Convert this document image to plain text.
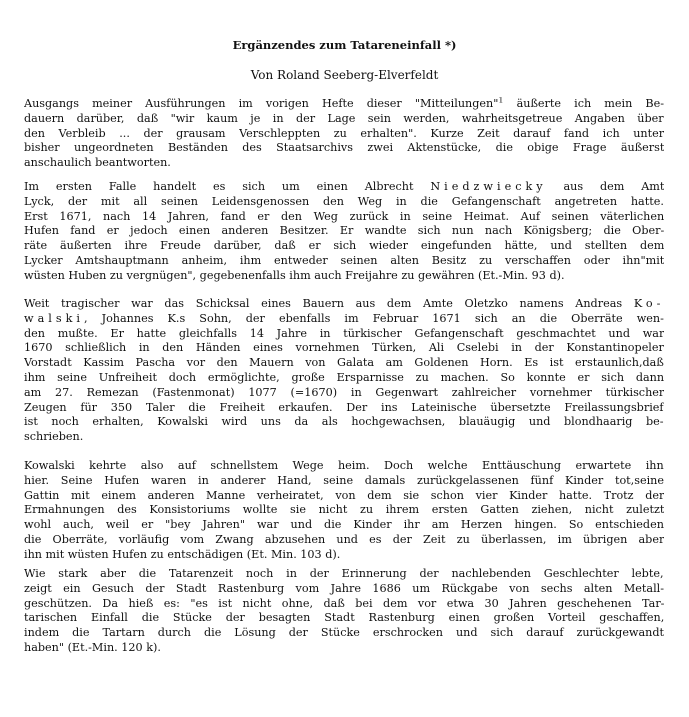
Ergänzendes zum Tatareneinfall *)
Von Roland Seeberg-Elverfeldt
Ausgangs meiner Ausführungen im vorigen Hefte dieser "Mitteilungen"$^1$ äußerte ich mein Be-
dauern darüber, daß "wir kaum je in der Lage sein werden, wahrheitsgetreue Angaben über
den Verbleib ... der grausam Verschleppten zu erhalten". Kurze Zeit darauf fand ich unter
bisher ungeordneten Beständen des Staatsarchivs zwei Aktenstücke, die obige Frage äußerst
anschaulich beantworten.
Im ersten Falle handelt es sich um einen Albrecht Niedzwiecky aus dem Amt
Lyck, der mit all seinen Leidensgenossen den Weg in die Gefangenschaft angetreten hatte.
Erst 1671, nach 14 Jahren, fand er den Weg zurück in seine Heimat. Auf seinen väterlichen
Hufen fand er jedoch einen anderen Besitzer. Er wandte sich nun nach Königsberg; die Ober-
räte äußerten ihre Freude darüber, daß er sich wieder eingefunden hätte, und stellten dem
Lycker Amtshauptmann anheim, ihm entweder seinen alten Besitz zu verschaffen oder ihn"mit
wüsten Huben zu vergnügen", gegebenenfalls ihm auch Freijahre zu gewähren (Et.-Min. 93 d).
Weit tragischer war das Schicksal eines Bauern aus dem Amte Oletzko namens Andreas Ko-
walski, Johannes K.s Sohn, der ebenfalls im Februar 1671 sich an die Oberräte wen-
den mußte. Er hatte gleichfalls 14 Jahre in türkischer Gefangenschaft geschmachtet und war
1670 schließlich in den Händen eines vornehmen Türken, Ali Cselebi in der Konstantinopeler
Vorstadt Kassim Pascha vor den Mauern von Galata am Goldenen Horn. Es ist erstaunlich,daß
ihm seine Unfreiheit doch ermöglichte, große Ersparnisse zu machen. So konnte er sich dann
am 27. Remezan (Fastenmonat) 1077 (=1670) in Gegenwart zahlreicher vornehmer türkischer
Zeugen für 350 Taler die Freiheit erkaufen. Der ins Lateinische übersetzte Freilassungsbrief
ist noch erhalten, Kowalski wird uns da als hochgewachsen, blauäugig und blondhaarig be-
schrieben.
Kowalski kehrte also auf schnellstem Wege heim. Doch welche Enttäuschung erwartete ihn
hier. Seine Hufen waren in anderer Hand, seine damals zurückgelassenen fünf Kinder tot,seine
Gattin mit einem anderen Manne verheiratet, von dem sie schon vier Kinder hatte. Trotz der
Ermahnungen des Konsistoriums wollte sie nicht zu ihrem ersten Gatten ziehen, nicht zuletzt
wohl auch, weil er "bey Jahren" war und die Kinder ihr am Herzen hingen. So entschieden
die Oberräte, vorläufig vom Zwang abzusehen und es der Zeit zu überlassen, im übrigen aber
ihn mit wüsten Hufen zu entschädigen (Et. Min. 103 d).
Wie stark aber die Tatarenzeit noch in der Erinnerung der nachlebenden Geschlechter lebte,
zeigt ein Gesuch der Stadt Rastenburg vom Jahre 1686 um Rückgabe von sechs alten Metall-
geschützen. Da hieß es: "es ist nicht ohne, daß bei dem vor etwa 30 Jahren geschehenen Tar-
tarischen Einfall die Stücke der besagten Stadt Rastenburg einen großen Vorteil geschaffen,
indem die Tartarn durch die Lösung der Stücke erschrocken und sich darauf zurückgewandt
haben" (Et.-Min. 120 k).
